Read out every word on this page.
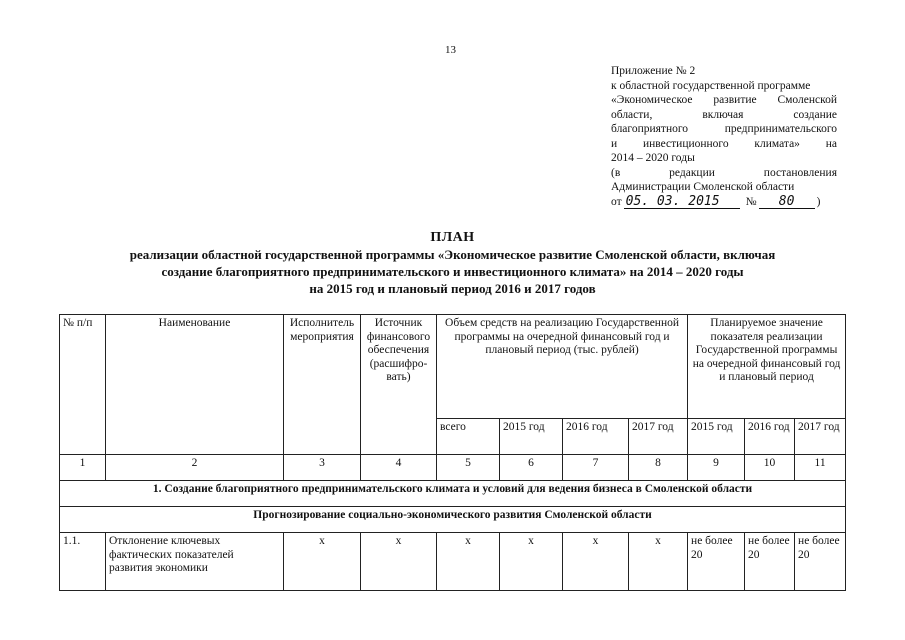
13
Приложение № 2
к областной государственной программе
«Экономическое развитие Смоленской
области, включая создание
благоприятного предпринимательского
и инвестиционного климата» на
2014 – 2020 годы
(в редакции постановления
Администрации Смоленской области
от 05. 03. 2015	№	80	)
ПЛАН
реализации областной государственной программы «Экономическое развитие Смоленской области, включая
создание благоприятного предпринимательского и инвестиционного климата» на 2014 – 2020 годы
на 2015 год и плановый период 2016 и 2017 годов
№ п/п	Наименование	Исполнитель мероприятия	Источник финансового обеспечения (расшифро-вать)	Объем средств на реализацию Государственной программы на очередной финансовый год и плановый период (тыс. рублей)				Планируемое значение показателя реализации Государственной программы на очередной финансовый год и плановый период		
				всего	2015 год	2016 год	2017 год	2015 год	2016 год	2017 год
1	2	3	4	5	6	7	8	9	10	11
1. Создание благоприятного предпринимательского климата и условий для ведения бизнеса в Смоленской области										
Прогнозирование социально-экономического развития Смоленской области										
1.1.	Отклонение ключевых фактических показателей развития экономики	х	х	х	х	х	х	не более 20	не более 20	не более 20
